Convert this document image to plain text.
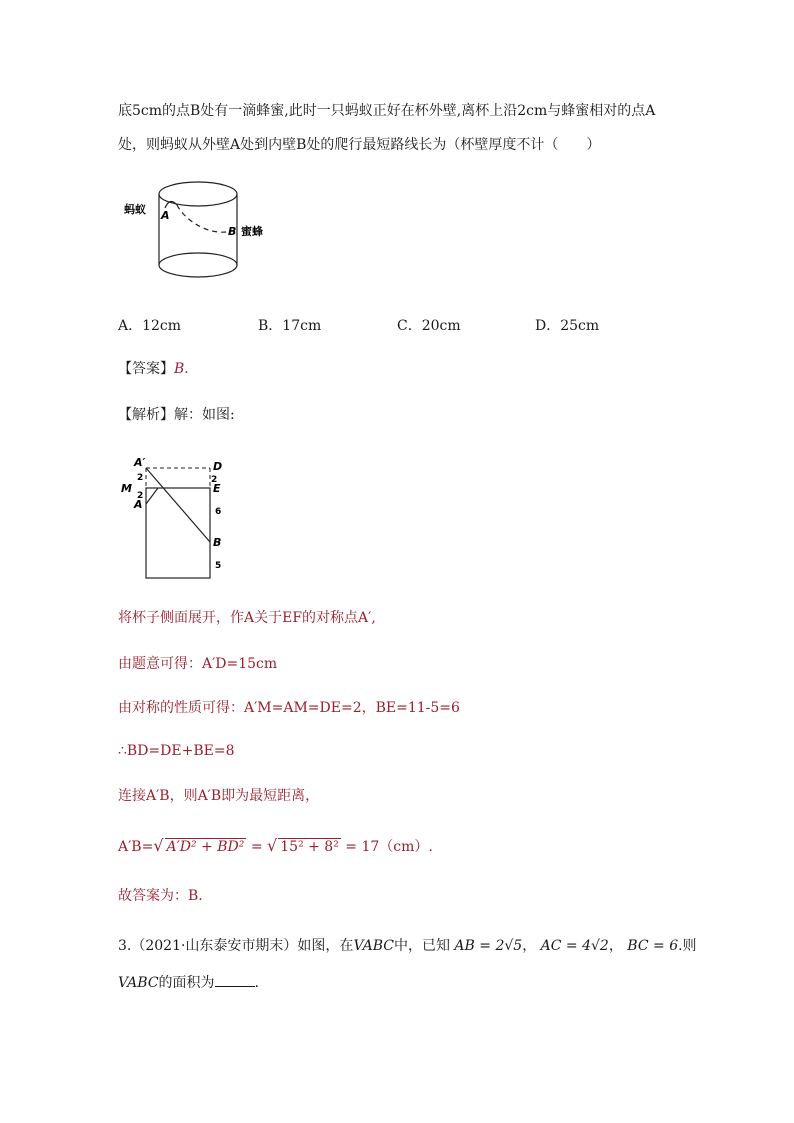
底5cm的点B处有一滴蜂蜜,此时一只蚂蚁正好在杯外壁,离杯上沿2cm与蜂蜜相对的点A
处，则蚂蚁从外壁A处到内壁B处的爬行最短路线长为（杯壁厚度不计（　　）
蚂蚁 A
B 蜜蜂
A．12cm	B．17cm	C．20cm	D．25cm
【答案】B.
【解析】解：如图:
A′	D
M	E
A
B
2	2
2
6
5
将杯子侧面展开，作A关于EF的对称点A′,
由题意可得：A′D=15cm
由对称的性质可得：A′M=AM=DE=2，BE=11-5=6
∴BD=DE+BE=8
连接A′B，则A′B即为最短距离，
A′B=√ A′D² + BD² = √ 15² + 8² = 17（cm）.
故答案为：B.
3.（2021·山东泰安市期末）如图，在VABC中，已知 AB = 2√5， AC = 4√2， BC = 6.则
VABC的面积为	.
